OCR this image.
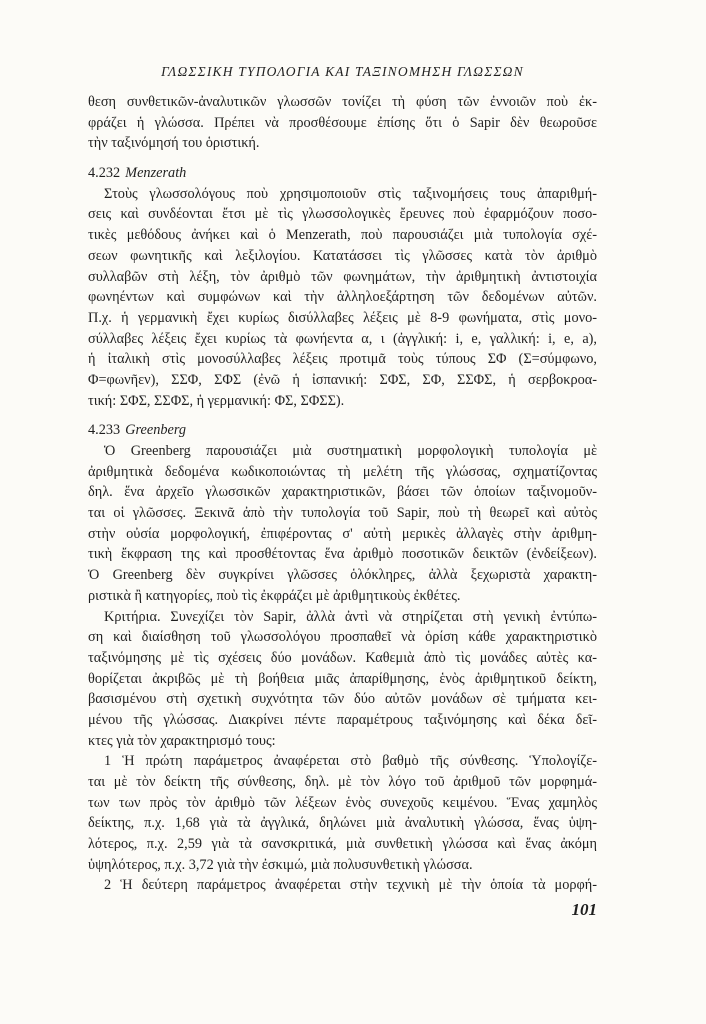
ΓΛΩΣΣΙΚΗ ΤΥΠΟΛΟΓΙΑ ΚΑΙ ΤΑΞΙΝΟΜΗΣΗ ΓΛΩΣΣΩΝ
θεση συνθετικῶν-ἀναλυτικῶν γλωσσῶν τονίζει τὴ φύση τῶν ἐννοιῶν ποὺ ἐκ-
φράζει ἡ γλώσσα. Πρέπει νὰ προσθέσουμε ἐπίσης ὅτι ὁ Sapir δὲν θεωροῦσε
τὴν ταξινόμησή του ὁριστική.
4.232 Menzerath
Στοὺς γλωσσολόγους ποὺ χρησιμοποιοῦν στὶς ταξινομήσεις τους ἀπαριθμή-
σεις καὶ συνδέονται ἔτσι μὲ τὶς γλωσσολογικὲς ἔρευνες ποὺ ἐφαρμόζουν ποσο-
τικὲς μεθόδους ἀνήκει καὶ ὁ Menzerath, ποὺ παρουσιάζει μιὰ τυπολογία σχέ-
σεων φωνητικῆς καὶ λεξιλογίου. Κατατάσσει τὶς γλῶσσες κατὰ τὸν ἀριθμὸ
συλλαβῶν στὴ λέξη, τὸν ἀριθμὸ τῶν φωνημάτων, τὴν ἀριθμητικὴ ἀντιστοιχία
φωνηέντων καὶ συμφώνων καὶ τὴν ἀλληλοεξάρτηση τῶν δεδομένων αὐτῶν.
Π.χ. ἡ γερμανικὴ ἔχει κυρίως δισύλλαβες λέξεις μὲ 8-9 φωνήματα, στὶς μονο-
σύλλαβες λέξεις ἔχει κυρίως τὰ φωνήεντα α, ι (ἀγγλική: i, e, γαλλική: i, e, a),
ἡ ἰταλικὴ στὶς μονοσύλλαβες λέξεις προτιμᾶ τοὺς τύπους ΣΦ (Σ=σύμφωνο,
Φ=φωνῆεν), ΣΣΦ, ΣΦΣ (ἐνῶ ἡ ἰσπανική: ΣΦΣ, ΣΦ, ΣΣΦΣ, ἡ σερβοκροα-
τική: ΣΦΣ, ΣΣΦΣ, ἡ γερμανική: ΦΣ, ΣΦΣΣ).
4.233 Greenberg
Ὁ Greenberg παρουσιάζει μιὰ συστηματικὴ μορφολογικὴ τυπολογία μὲ
ἀριθμητικὰ δεδομένα κωδικοποιώντας τὴ μελέτη τῆς γλώσσας, σχηματίζοντας
δηλ. ἕνα ἀρχεῖο γλωσσικῶν χαρακτηριστικῶν, βάσει τῶν ὁποίων ταξινομοῦν-
ται οἱ γλῶσσες. Ξεκινᾶ ἀπὸ τὴν τυπολογία τοῦ Sapir, ποὺ τὴ θεωρεῖ καὶ αὐτὸς
στὴν οὐσία μορφολογική, ἐπιφέροντας σ' αὐτὴ μερικὲς ἀλλαγὲς στὴν ἀριθμη-
τικὴ ἔκφραση της καὶ προσθέτοντας ἕνα ἀριθμὸ ποσοτικῶν δεικτῶν (ἐνδείξεων).
Ὁ Greenberg δὲν συγκρίνει γλῶσσες ὁλόκληρες, ἀλλὰ ξεχωριστὰ χαρακτη-
ριστικὰ ἢ κατηγορίες, ποὺ τὶς ἐκφράζει μὲ ἀριθμητικοὺς ἐκθέτες.
Κριτήρια. Συνεχίζει τὸν Sapir, ἀλλὰ ἀντὶ νὰ στηρίζεται στὴ γενικὴ ἐντύπω-
ση καὶ διαίσθηση τοῦ γλωσσολόγου προσπαθεῖ νὰ ὁρίση κάθε χαρακτηριστικὸ
ταξινόμησης μὲ τὶς σχέσεις δύο μονάδων. Καθεμιὰ ἀπὸ τὶς μονάδες αὐτὲς κα-
θορίζεται ἀκριβῶς μὲ τὴ βοήθεια μιᾶς ἀπαρίθμησης, ἑνὸς ἀριθμητικοῦ δείκτη,
βασισμένου στὴ σχετικὴ συχνότητα τῶν δύο αὐτῶν μονάδων σὲ τμήματα κει-
μένου τῆς γλώσσας. Διακρίνει πέντε παραμέτρους ταξινόμησης καὶ δέκα δεῖ-
κτες γιὰ τὸν χαρακτηρισμό τους:
1 Ἡ πρώτη παράμετρος ἀναφέρεται στὸ βαθμὸ τῆς σύνθεσης. Ὑπολογίζε-
ται μὲ τὸν δείκτη τῆς σύνθεσης, δηλ. μὲ τὸν λόγο τοῦ ἀριθμοῦ τῶν μορφημά-
των των πρὸς τὸν ἀριθμὸ τῶν λέξεων ἑνὸς συνεχοῦς κειμένου. Ἕνας χαμηλὸς
δείκτης, π.χ. 1,68 γιὰ τὰ ἀγγλικά, δηλώνει μιὰ ἀναλυτικὴ γλώσσα, ἕνας ὑψη-
λότερος, π.χ. 2,59 γιὰ τὰ σανσκριτικά, μιὰ συνθετικὴ γλώσσα καὶ ἕνας ἀκόμη
ὑψηλότερος, π.χ. 3,72 γιὰ τὴν ἐσκιμώ, μιὰ πολυσυνθετικὴ γλώσσα.
2 Ἡ δεύτερη παράμετρος ἀναφέρεται στὴν τεχνικὴ μὲ τὴν ὁποία τὰ μορφή-
101
